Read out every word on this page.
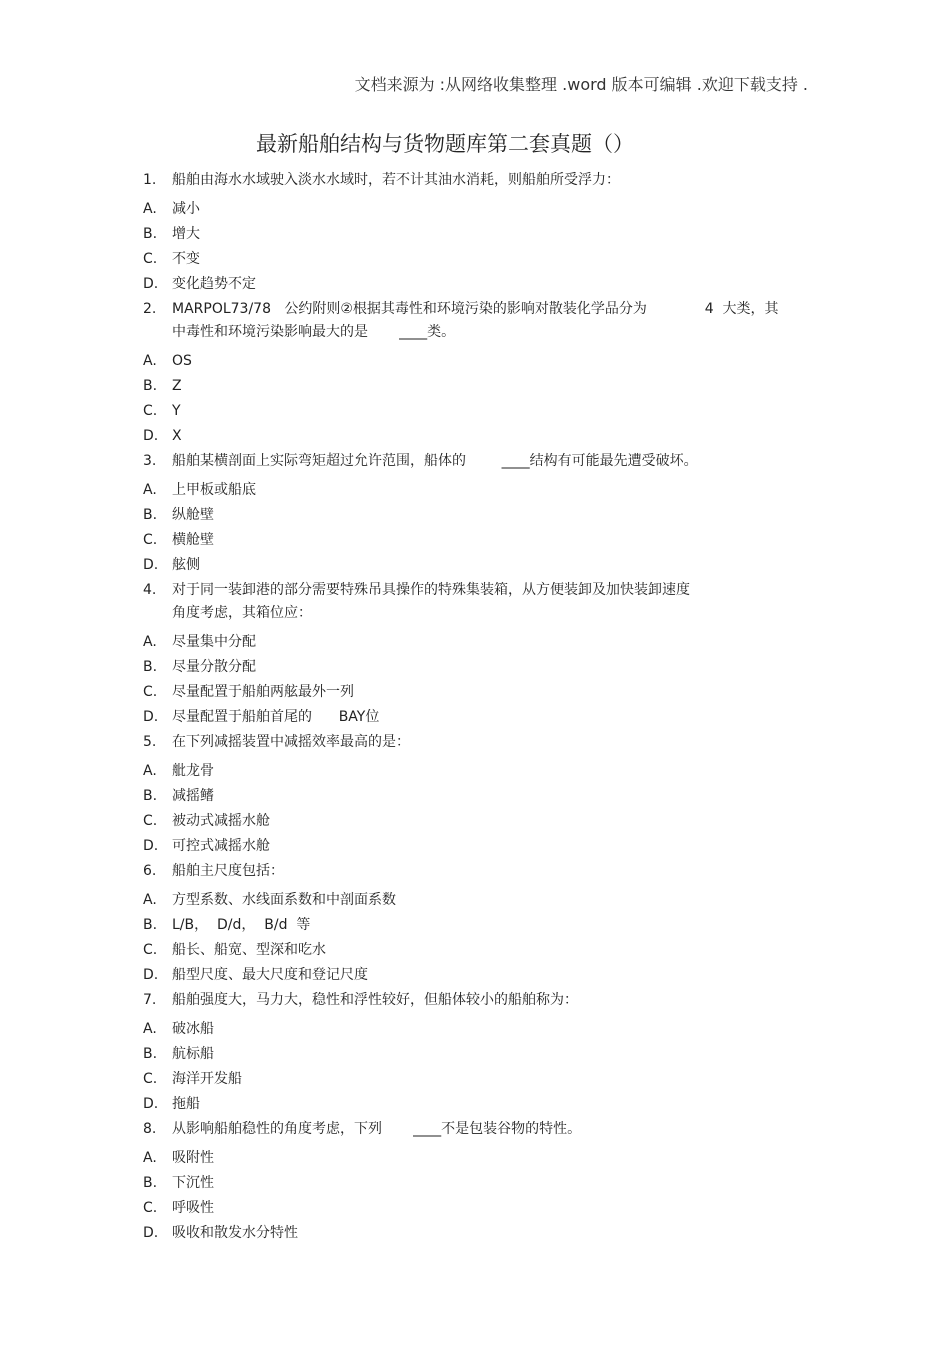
文档来源为 :从网络收集整理 .word 版本可编辑 .欢迎下载支持 .
最新船舶结构与货物题库第二套真题（）
1.	船舶由海水水域驶入淡水水域时，若不计其油水消耗，则船舶所受浮力：
A.	减小
B.	增大
C.	不变
D. 变化趋势不定
2.	MARPOL73/78   公约附则②根据其毒性和环境污染的影响对散装化学品分为             4  大类，其
中毒性和环境污染影响最大的是       ____类。
A.	OS
B.	Z
C.	Y
D. X
3.	船舶某横剖面上实际弯矩超过允许范围，船体的        ____结构有可能最先遭受破坏。
A.	上甲板或船底
B.	纵舱壁
C.	横舱壁
D. 舷侧
4.	对于同一装卸港的部分需要特殊吊具操作的特殊集装箱，从方便装卸及加快装卸速度
角度考虑，其箱位应：
A.	尽量集中分配
B.	尽量分散分配
C.	尽量配置于船舶两舷最外一列
D. 尽量配置于船舶首尾的      BAY位
5.	在下列减摇装置中减摇效率最高的是：
A.	舭龙骨
B.	减摇鳍
C.	被动式减摇水舱
D. 可控式减摇水舱
6.	船舶主尺度包括：
A.	方型系数、水线面系数和中剖面系数
B.	L/B，  D/d，  B/d  等
C.	船长、船宽、型深和吃水
D. 船型尺度、最大尺度和登记尺度
7.	船舶强度大，马力大，稳性和浮性较好，但船体较小的船舶称为：
A.	破冰船
B.	航标船
C.	海洋开发船
D. 拖船
8.	从影响船舶稳性的角度考虑，下列       ____不是包装谷物的特性。
A.	吸附性
B.	下沉性
C.	呼吸性
D. 吸收和散发水分特性
